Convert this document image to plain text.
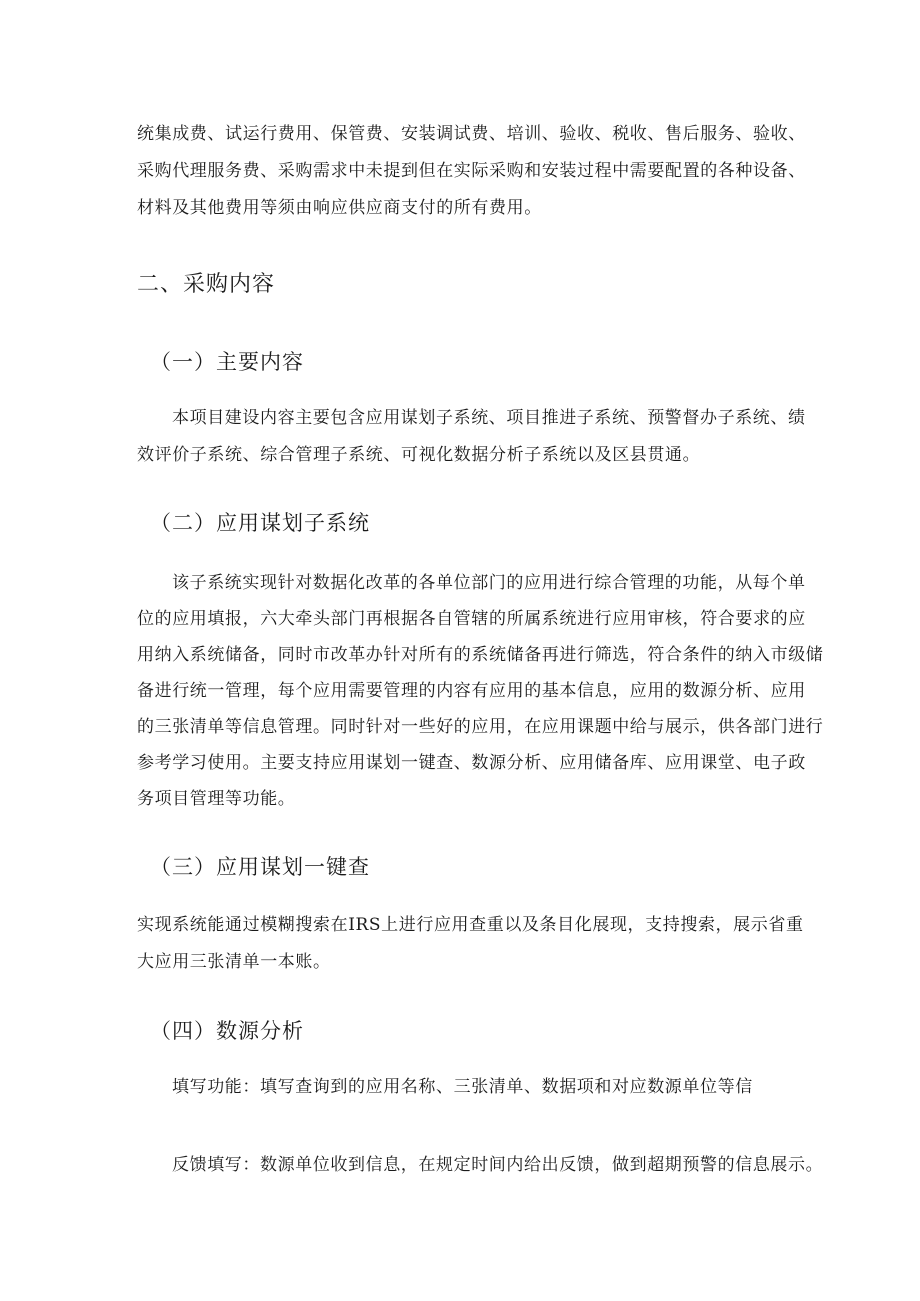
统集成费、试运行费用、保管费、安装调试费、培训、验收、税收、售后服务、验收、
采购代理服务费、采购需求中未提到但在实际采购和安装过程中需要配置的各种设备、
材料及其他费用等须由响应供应商支付的所有费用。
二、采购内容
（一）主要内容
本项目建设内容主要包含应用谋划子系统、项目推进子系统、预警督办子系统、绩
效评价子系统、综合管理子系统、可视化数据分析子系统以及区县贯通。
（二）应用谋划子系统
该子系统实现针对数据化改革的各单位部门的应用进行综合管理的功能，从每个单
位的应用填报，六大牵头部门再根据各自管辖的所属系统进行应用审核，符合要求的应
用纳入系统储备，同时市改革办针对所有的系统储备再进行筛选，符合条件的纳入市级储
备进行统一管理，每个应用需要管理的内容有应用的基本信息，应用的数源分析、应用
的三张清单等信息管理。同时针对一些好的应用，在应用课题中给与展示，供各部门进行
参考学习使用。主要支持应用谋划一键查、数源分析、应用储备库、应用课堂、电子政
务项目管理等功能。
（三）应用谋划一键查
实现系统能通过模糊搜索在IRS上进行应用查重以及条目化展现，支持搜索，展示省重
大应用三张清单一本账。
（四）数源分析
填写功能：填写查询到的应用名称、三张清单、数据项和对应数源单位等信
反馈填写：数源单位收到信息，在规定时间内给出反馈，做到超期预警的信息展示。
